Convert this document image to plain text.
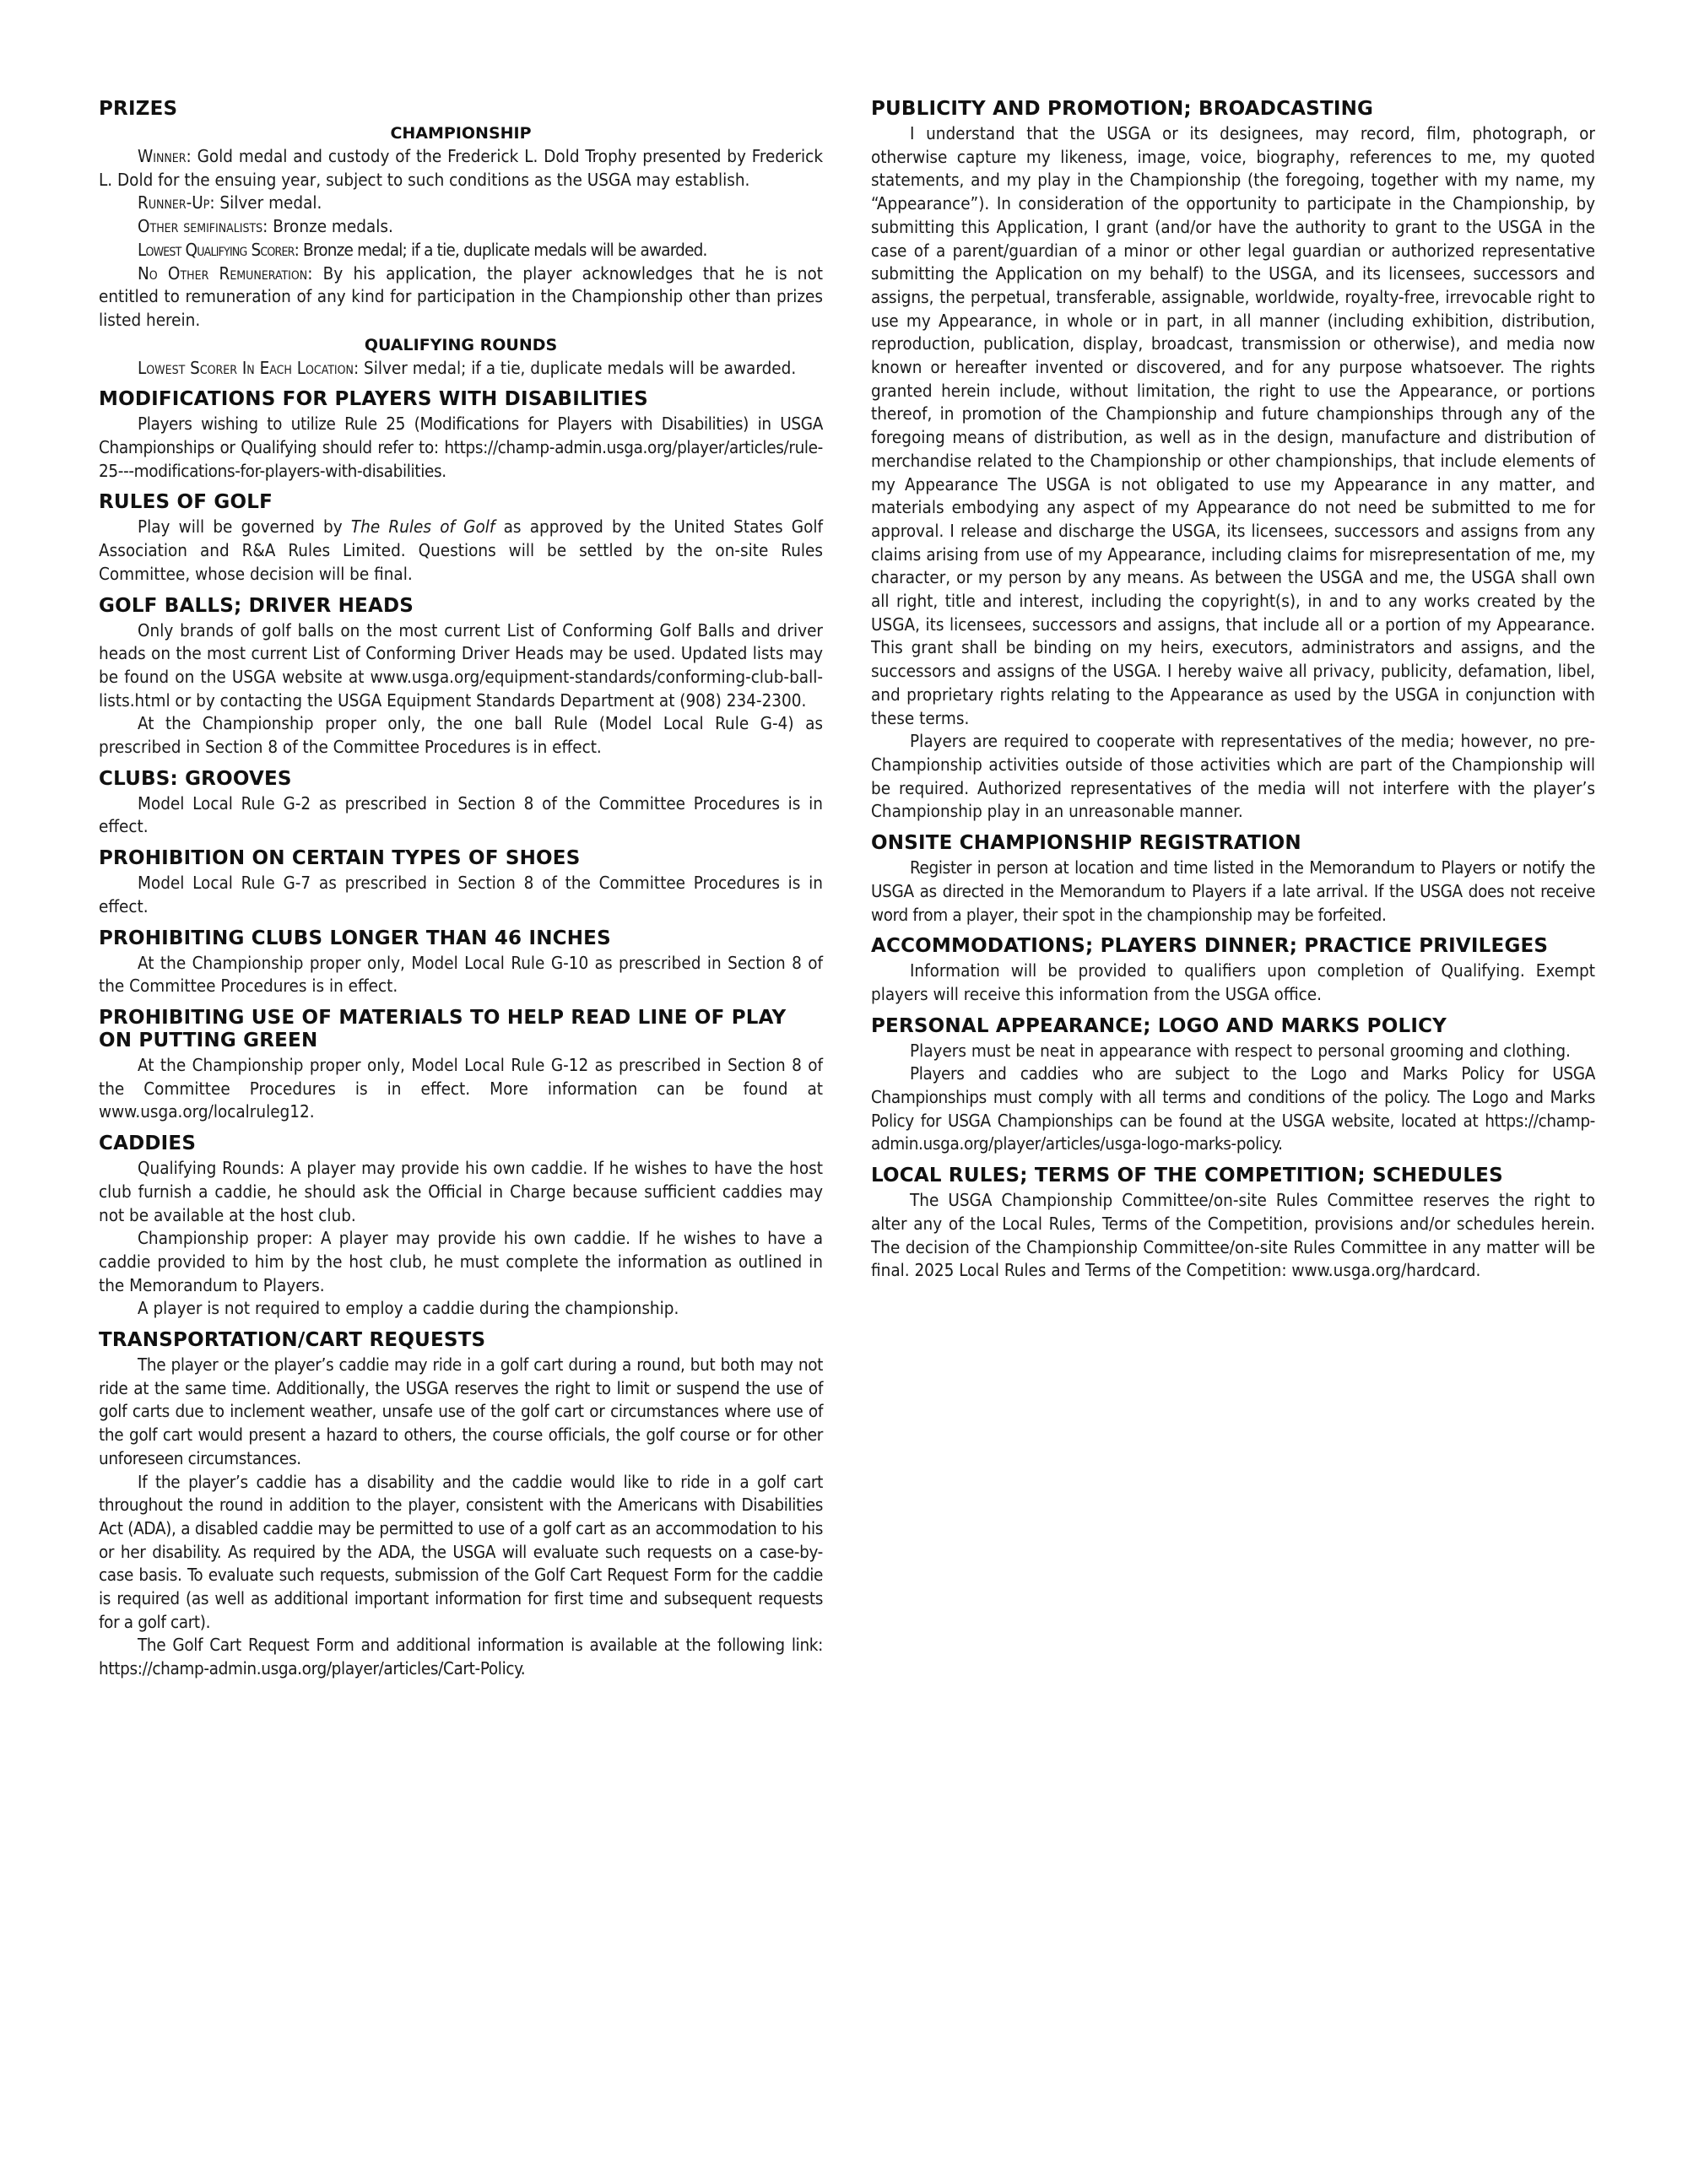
PRIZES
CHAMPIONSHIP

Winner: Gold medal and custody of the Frederick L. Dold Trophy presented by Frederick L. Dold for the ensuing year, subject to such conditions as the USGA may establish.

Runner-Up: Silver medal.

Other semifinalists: Bronze medals.

Lowest Qualifying Scorer: Bronze medal; if a tie, duplicate medals will be awarded.

No Other Remuneration: By his application, the player acknowledges that he is not entitled to remuneration of any kind for participation in the Championship other than prizes listed herein.

QUALIFYING ROUNDS

Lowest Scorer In Each Location: Silver medal; if a tie, duplicate medals will be awarded.

MODIFICATIONS FOR PLAYERS WITH DISABILITIES

Players wishing to utilize Rule 25 (Modifications for Players with Disabilities) in USGA Championships or Qualifying should refer to: https://champ-admin.usga.org/player/articles/rule-25---modifications-for-players-with-disabilities.

RULES OF GOLF

Play will be governed by The Rules of Golf as approved by the United States Golf Association and R&A Rules Limited. Questions will be settled by the on-site Rules Committee, whose decision will be final.

GOLF BALLS; DRIVER HEADS

Only brands of golf balls on the most current List of Conforming Golf Balls and driver heads on the most current List of Conforming Driver Heads may be used. Updated lists may be found on the USGA website at www.usga.org/equipment-standards/conforming-club-ball-lists.html or by contacting the USGA Equipment Standards Department at (908) 234-2300.

At the Championship proper only, the one ball Rule (Model Local Rule G-4) as prescribed in Section 8 of the Committee Procedures is in effect.

CLUBS: GROOVES

Model Local Rule G-2 as prescribed in Section 8 of the Committee Procedures is in effect.

PROHIBITION ON CERTAIN TYPES OF SHOES

Model Local Rule G-7 as prescribed in Section 8 of the Committee Procedures is in effect.

PROHIBITING CLUBS LONGER THAN 46 INCHES

At the Championship proper only, Model Local Rule G-10 as prescribed in Section 8 of the Committee Procedures is in effect.

PROHIBITING USE OF MATERIALS TO HELP READ LINE OF PLAY ON PUTTING GREEN

At the Championship proper only, Model Local Rule G-12 as prescribed in Section 8 of the Committee Procedures is in effect. More information can be found at www.usga.org/localruleg12.

CADDIES

Qualifying Rounds: A player may provide his own caddie. If he wishes to have the host club furnish a caddie, he should ask the Official in Charge because sufficient caddies may not be available at the host club.

Championship proper: A player may provide his own caddie. If he wishes to have a caddie provided to him by the host club, he must complete the information as outlined in the Memorandum to Players.

A player is not required to employ a caddie during the championship.

TRANSPORTATION/CART REQUESTS

The player or the player’s caddie may ride in a golf cart during a round, but both may not ride at the same time. Additionally, the USGA reserves the right to limit or suspend the use of golf carts due to inclement weather, unsafe use of the golf cart or circumstances where use of the golf cart would present a hazard to others, the course officials, the golf course or for other unforeseen circumstances.

If the player’s caddie has a disability and the caddie would like to ride in a golf cart throughout the round in addition to the player, consistent with the Americans with Disabilities Act (ADA), a disabled caddie may be permitted to use of a golf cart as an accommodation to his or her disability. As required by the ADA, the USGA will evaluate such requests on a case-by-case basis. To evaluate such requests, submission of the Golf Cart Request Form for the caddie is required (as well as additional important information for first time and subsequent requests for a golf cart).

The Golf Cart Request Form and additional information is available at the following link: https://champ-admin.usga.org/player/articles/Cart-Policy.

PUBLICITY AND PROMOTION; BROADCASTING

I understand that the USGA or its designees, may record, film, photograph, or otherwise capture my likeness, image, voice, biography, references to me, my quoted statements, and my play in the Championship (the foregoing, together with my name, my “Appearance”). In consideration of the opportunity to participate in the Championship, by submitting this Application, I grant (and/or have the authority to grant to the USGA in the case of a parent/guardian of a minor or other legal guardian or authorized representative submitting the Application on my behalf) to the USGA, and its licensees, successors and assigns, the perpetual, transferable, assignable, worldwide, royalty-free, irrevocable right to use my Appearance, in whole or in part, in all manner (including exhibition, distribution, reproduction, publication, display, broadcast, transmission or otherwise), and media now known or hereafter invented or discovered, and for any purpose whatsoever. The rights granted herein include, without limitation, the right to use the Appearance, or portions thereof, in promotion of the Championship and future championships through any of the foregoing means of distribution, as well as in the design, manufacture and distribution of merchandise related to the Championship or other championships, that include elements of my Appearance The USGA is not obligated to use my Appearance in any matter, and materials embodying any aspect of my Appearance do not need be submitted to me for approval. I release and discharge the USGA, its licensees, successors and assigns from any claims arising from use of my Appearance, including claims for misrepresentation of me, my character, or my person by any means. As between the USGA and me, the USGA shall own all right, title and interest, including the copyright(s), in and to any works created by the USGA, its licensees, successors and assigns, that include all or a portion of my Appearance. This grant shall be binding on my heirs, executors, administrators and assigns, and the successors and assigns of the USGA. I hereby waive all privacy, publicity, defamation, libel, and proprietary rights relating to the Appearance as used by the USGA in conjunction with these terms.

Players are required to cooperate with representatives of the media; however, no pre-Championship activities outside of those activities which are part of the Championship will be required. Authorized representatives of the media will not interfere with the player’s Championship play in an unreasonable manner.

ONSITE CHAMPIONSHIP REGISTRATION

Register in person at location and time listed in the Memorandum to Players or notify the USGA as directed in the Memorandum to Players if a late arrival. If the USGA does not receive word from a player, their spot in the championship may be forfeited.

ACCOMMODATIONS; PLAYERS DINNER; PRACTICE PRIVILEGES

Information will be provided to qualifiers upon completion of Qualifying. Exempt players will receive this information from the USGA office.

PERSONAL APPEARANCE; LOGO AND MARKS POLICY

Players must be neat in appearance with respect to personal grooming and clothing.

Players and caddies who are subject to the Logo and Marks Policy for USGA Championships must comply with all terms and conditions of the policy. The Logo and Marks Policy for USGA Championships can be found at the USGA website, located at https://champ-admin.usga.org/player/articles/usga-logo-marks-policy.

LOCAL RULES; TERMS OF THE COMPETITION; SCHEDULES

The USGA Championship Committee/on-site Rules Committee reserves the right to alter any of the Local Rules, Terms of the Competition, provisions and/or schedules herein. The decision of the Championship Committee/on-site Rules Committee in any matter will be final. 2025 Local Rules and Terms of the Competition: www.usga.org/hardcard.
